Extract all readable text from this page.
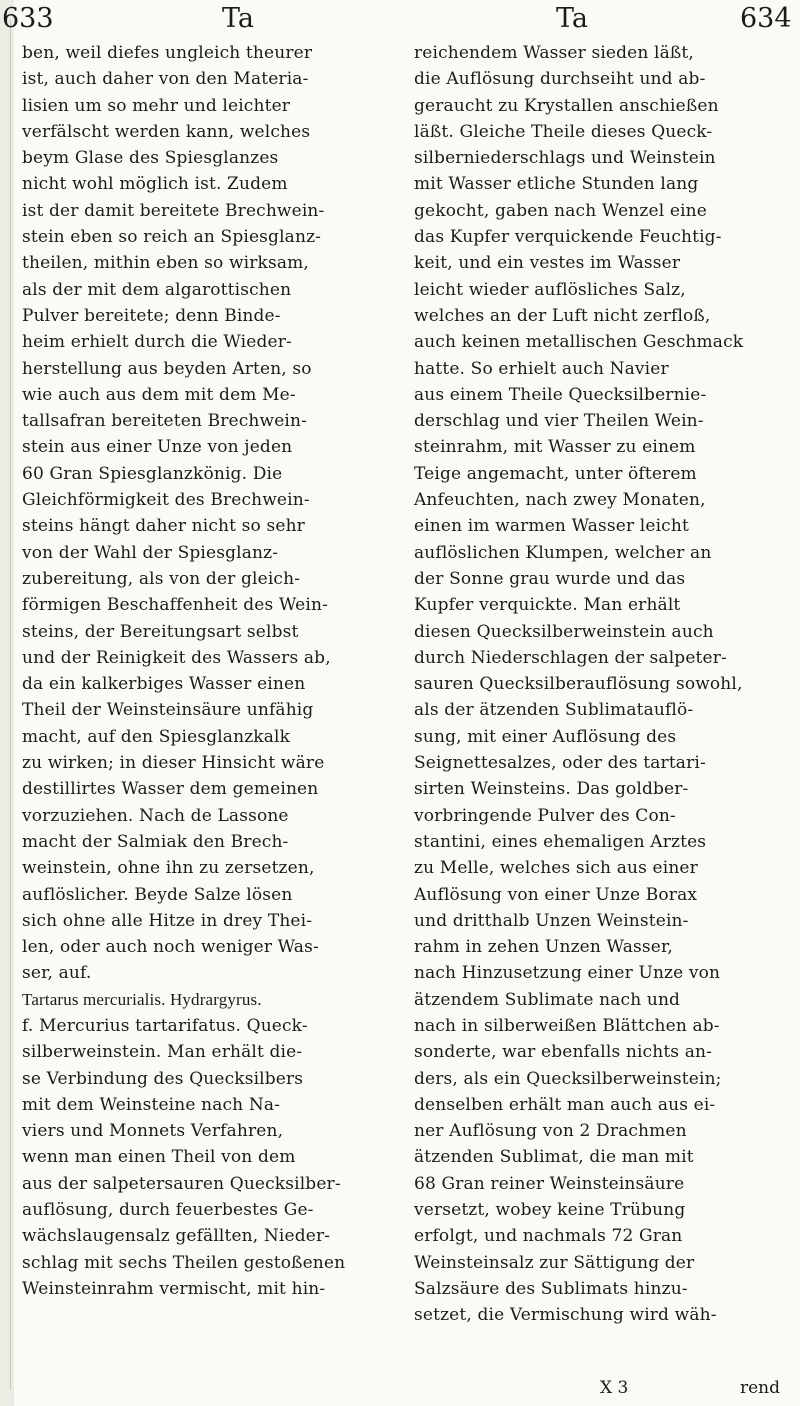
633	Ta	Ta	634
ben, weil diefes ungleich theurer
ist, auch daher von den Materia-
lisien um so mehr und leichter
verfälscht werden kann, welches
beym Glase des Spiesglanzes
nicht wohl möglich ist. Zudem
ist der damit bereitete Brechwein-
stein eben so reich an Spiesglanz-
theilen, mithin eben so wirksam,
als der mit dem algarottischen
Pulver bereitete; denn Binde-
heim erhielt durch die Wieder-
herstellung aus beyden Arten, so
wie auch aus dem mit dem Me-
tallsafran bereiteten Brechwein-
stein aus einer Unze von jeden
60 Gran Spiesglanzkönig. Die
Gleichförmigkeit des Brechwein-
steins hängt daher nicht so sehr
von der Wahl der Spiesglanz-
zubereitung, als von der gleich-
förmigen Beschaffenheit des Wein-
steins, der Bereitungsart selbst
und der Reinigkeit des Wassers ab,
da ein kalkerbiges Wasser einen
Theil der Weinsteinsäure unfähig
macht, auf den Spiesglanzkalk
zu wirken; in dieser Hinsicht wäre
destillirtes Wasser dem gemeinen
vorzuziehen. Nach de Lassone
macht der Salmiak den Brech-
weinstein, ohne ihn zu zersetzen,
auflöslicher. Beyde Salze lösen
sich ohne alle Hitze in drey Thei-
len, oder auch noch weniger Was-
ser, auf.
Tartarus mercurialis. Hydrargyrus.
f. Mercurius tartarifatus. Queck-
silberweinstein. Man erhält die-
se Verbindung des Quecksilbers
mit dem Weinsteine nach Na-
viers und Monnets Verfahren,
wenn man einen Theil von dem
aus der salpetersauren Quecksilber-
auflösung, durch feuerbestes Ge-
wächslaugensalz gefällten, Nieder-
schlag mit sechs Theilen gestoßenen
Weinsteinrahm vermischt, mit hin-
reichendem Wasser sieden läßt,
die Auflösung durchseiht und ab-
geraucht zu Krystallen anschießen
läßt. Gleiche Theile dieses Queck-
silberniederschlags und Weinstein
mit Wasser etliche Stunden lang
gekocht, gaben nach Wenzel eine
das Kupfer verquickende Feuchtig-
keit, und ein vestes im Wasser
leicht wieder auflösliches Salz,
welches an der Luft nicht zerfloß,
auch keinen metallischen Geschmack
hatte. So erhielt auch Navier
aus einem Theile Quecksilbernie-
derschlag und vier Theilen Wein-
steinrahm, mit Wasser zu einem
Teige angemacht, unter öfterem
Anfeuchten, nach zwey Monaten,
einen im warmen Wasser leicht
auflöslichen Klumpen, welcher an
der Sonne grau wurde und das
Kupfer verquickte. Man erhält
diesen Quecksilberweinstein auch
durch Niederschlagen der salpeter-
sauren Quecksilberauflösung sowohl,
als der ätzenden Sublimatauflö-
sung, mit einer Auflösung des
Seignettesalzes, oder des tartari-
sirten Weinsteins. Das goldber-
vorbringende Pulver des Con-
stantini, eines ehemaligen Arztes
zu Melle, welches sich aus einer
Auflösung von einer Unze Borax
und dritthalb Unzen Weinstein-
rahm in zehen Unzen Wasser,
nach Hinzusetzung einer Unze von
ätzendem Sublimate nach und
nach in silberweißen Blättchen ab-
sonderte, war ebenfalls nichts an-
ders, als ein Quecksilberweinstein;
denselben erhält man auch aus ei-
ner Auflösung von 2 Drachmen
ätzenden Sublimat, die man mit
68 Gran reiner Weinsteinsäure
versetzt, wobey keine Trübung
erfolgt, und nachmals 72 Gran
Weinsteinsalz zur Sättigung der
Salzsäure des Sublimats hinzu-
setzet, die Vermischung wird wäh-
X 3	rend
